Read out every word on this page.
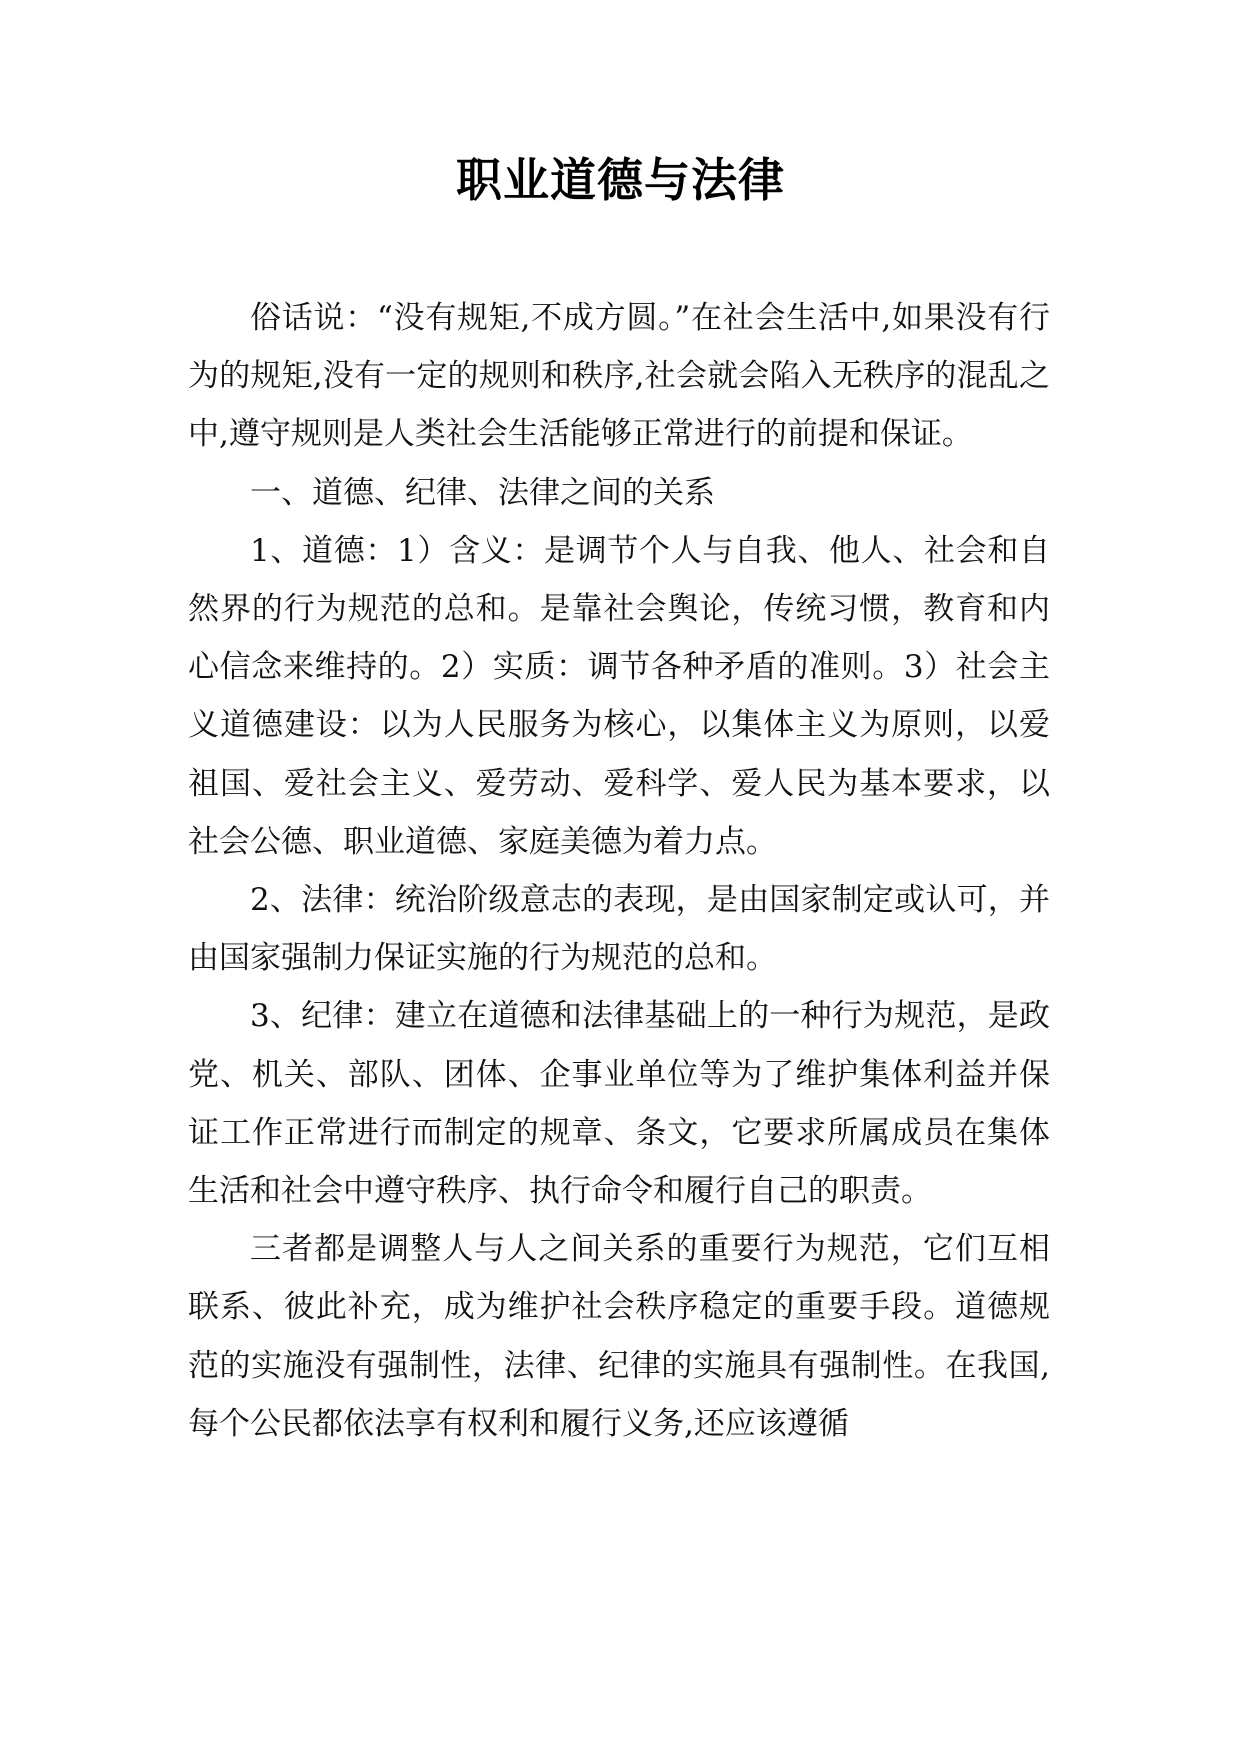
职业道德与法律

俗话说：“没有规矩,不成方圆。”在社会生活中,如果没有行为的规矩,没有一定的规则和秩序,社会就会陷入无秩序的混乱之中,遵守规则是人类社会生活能够正常进行的前提和保证。

一、道德、纪律、法律之间的关系

1、道德：1）含义：是调节个人与自我、他人、社会和自然界的行为规范的总和。是靠社会舆论，传统习惯，教育和内心信念来维持的。2）实质：调节各种矛盾的准则。3）社会主义道德建设：以为人民服务为核心，以集体主义为原则，以爱祖国、爱社会主义、爱劳动、爱科学、爱人民为基本要求，以社会公德、职业道德、家庭美德为着力点。

2、法律：统治阶级意志的表现，是由国家制定或认可，并由国家强制力保证实施的行为规范的总和。

3、纪律：建立在道德和法律基础上的一种行为规范，是政党、机关、部队、团体、企事业单位等为了维护集体利益并保证工作正常进行而制定的规章、条文，它要求所属成员在集体生活和社会中遵守秩序、执行命令和履行自己的职责。

三者都是调整人与人之间关系的重要行为规范，它们互相联系、彼此补充，成为维护社会秩序稳定的重要手段。道德规范的实施没有强制性，法律、纪律的实施具有强制性。在我国,每个公民都依法享有权利和履行义务,还应该遵循
